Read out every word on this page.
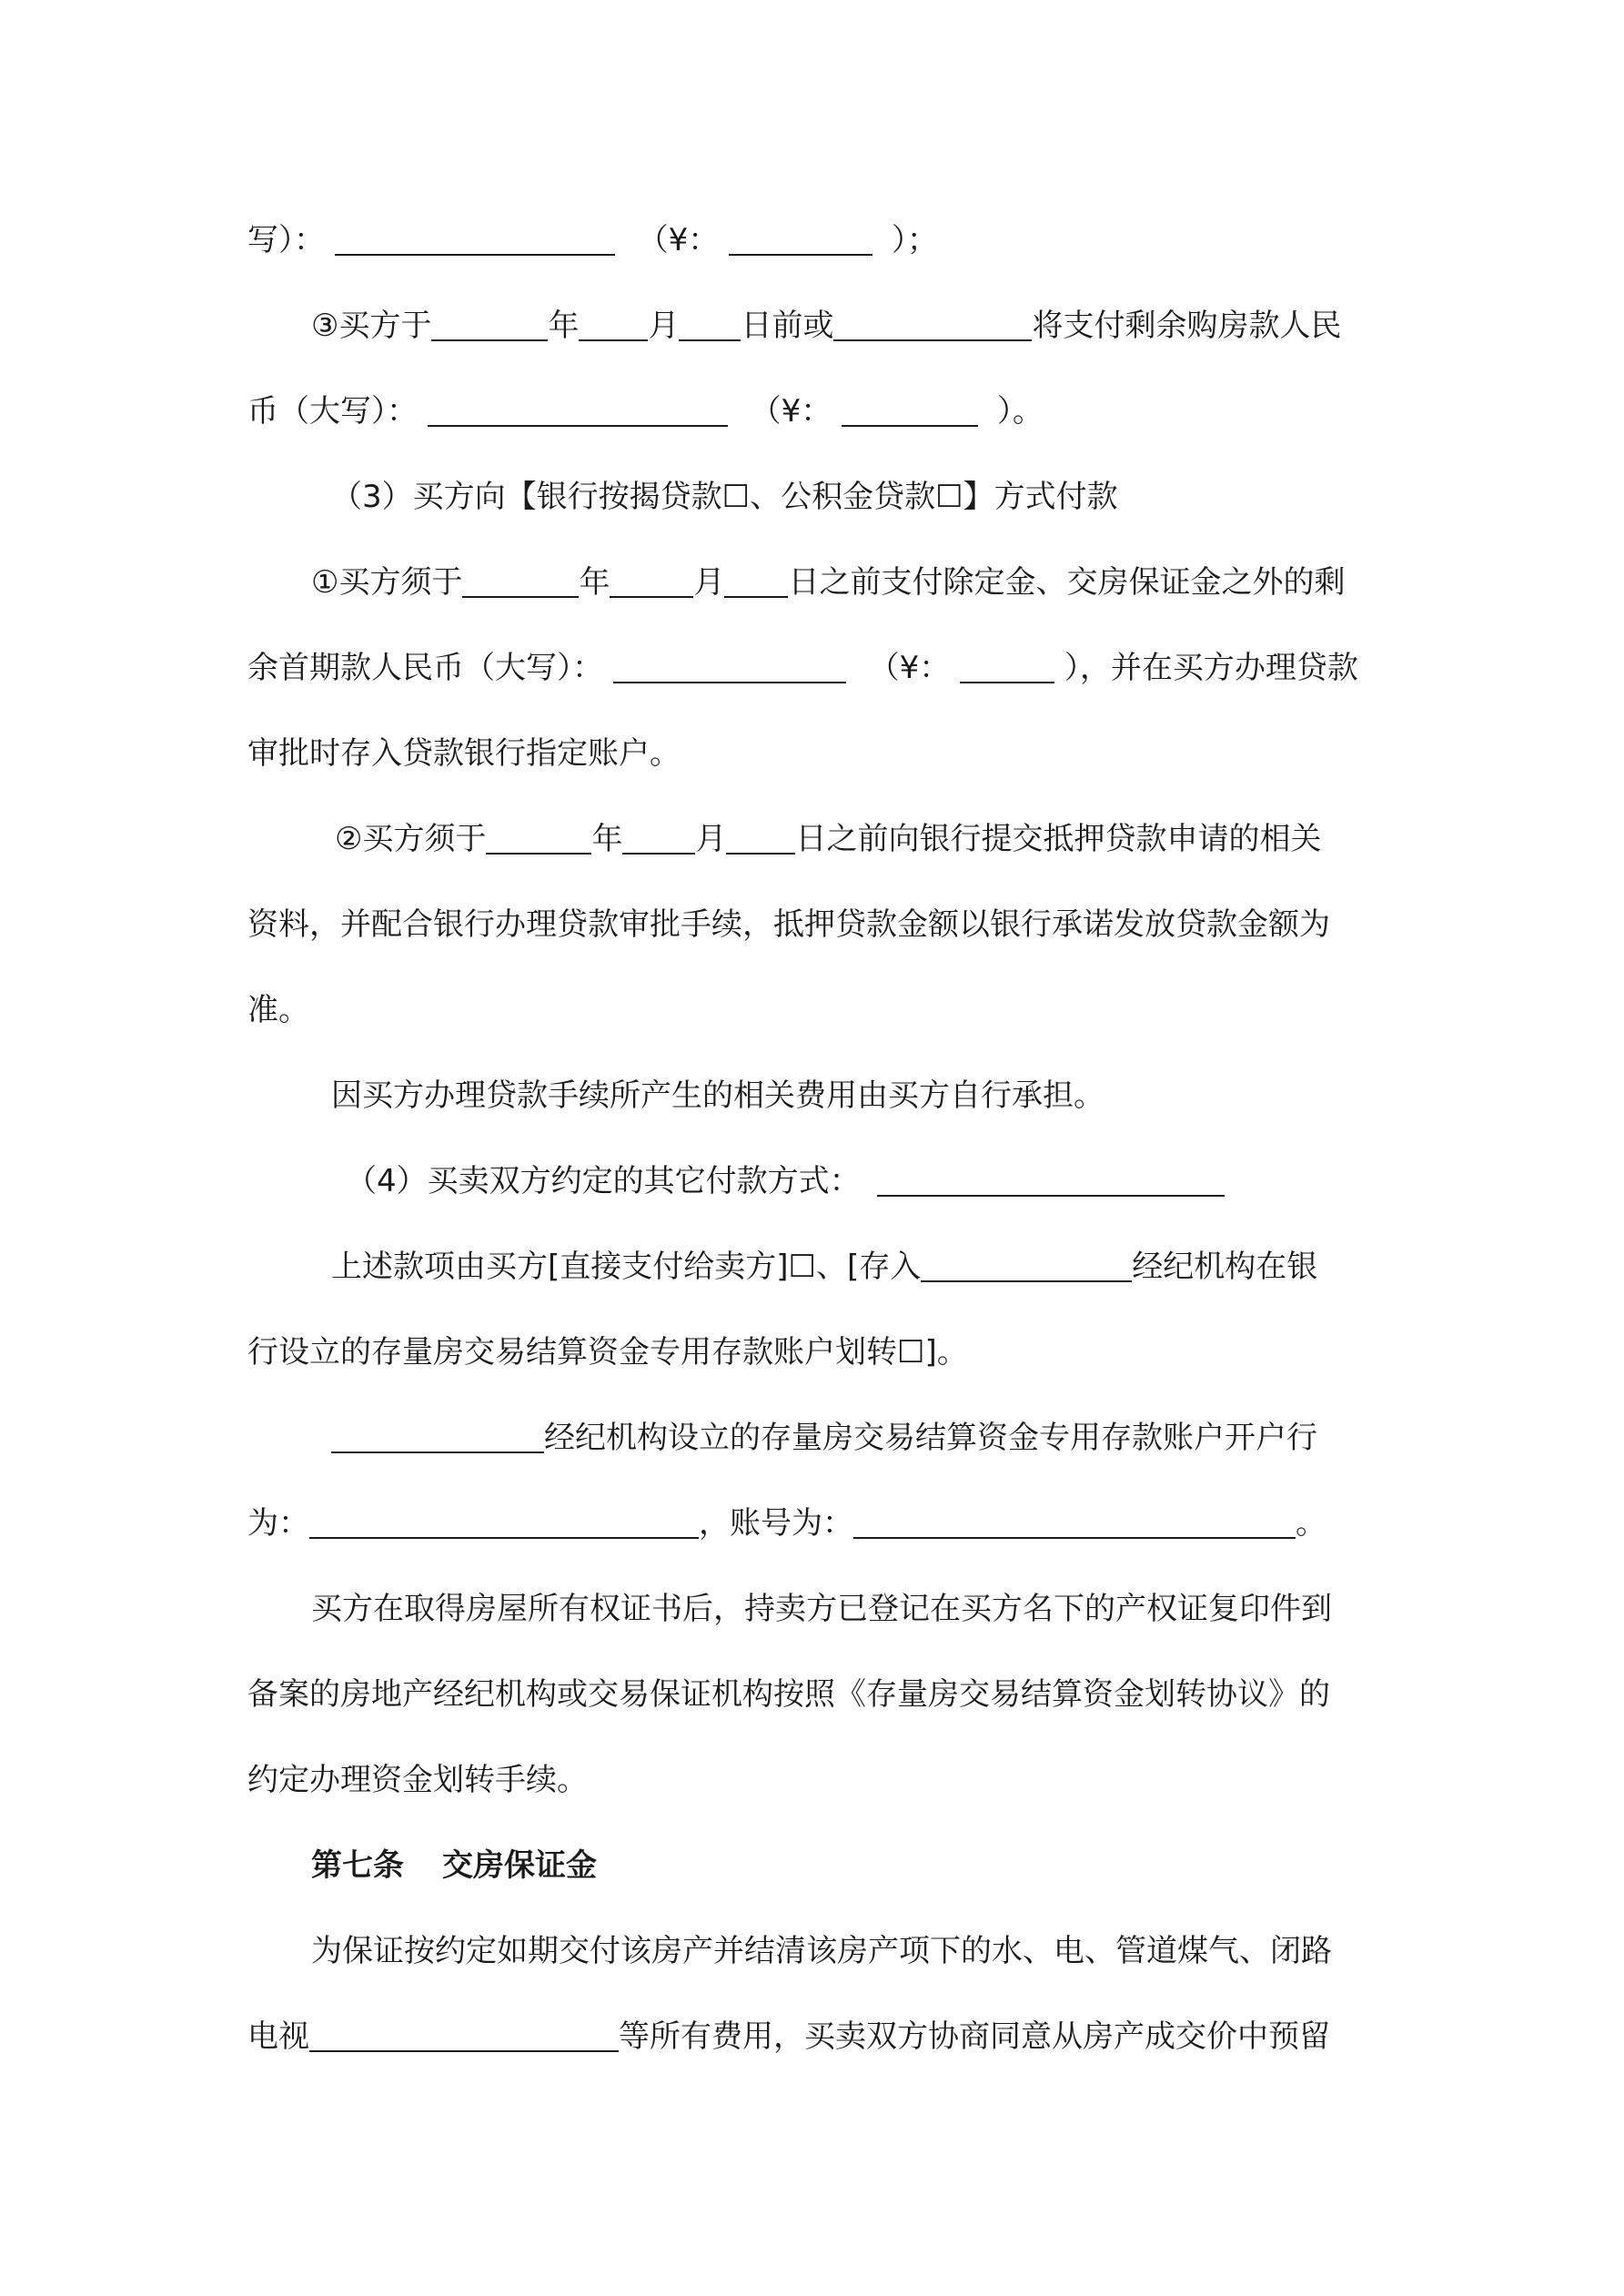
写）：	（¥：	）；
③买方于	年 月 日前或	将支付剩余购房款人民
币（大写）：	（¥：	）。
（3）买方向【银行按揭贷款☐、公积金贷款☐】方式付款
①买方须于	年	月 日之前支付除定金、交房保证金之外的剩
余首期款人民币（大写）：	（¥：	），并在买方办理贷款
审批时存入贷款银行指定账户。
②买方须于	年 月 日之前向银行提交抵押贷款申请的相关
资料，并配合银行办理贷款审批手续，抵押贷款金额以银行承诺发放贷款金额为
准。
因买方办理贷款手续所产生的相关费用由买方自行承担。
（4）买卖双方约定的其它付款方式：
上述款项由买方[直接支付给卖方]☐、[存入	经纪机构在银
行设立的存量房交易结算资金专用存款账户划转☐]。
经纪机构设立的存量房交易结算资金专用存款账户开户行
为：	，账号为：	。
买方在取得房屋所有权证书后，持卖方已登记在买方名下的产权证复印件到
备案的房地产经纪机构或交易保证机构按照《存量房交易结算资金划转协议》的
约定办理资金划转手续。
第七条 交房保证金
为保证按约定如期交付该房产并结清该房产项下的水、电、管道煤气、闭路
电视	等所有费用，买卖双方协商同意从房产成交价中预留
